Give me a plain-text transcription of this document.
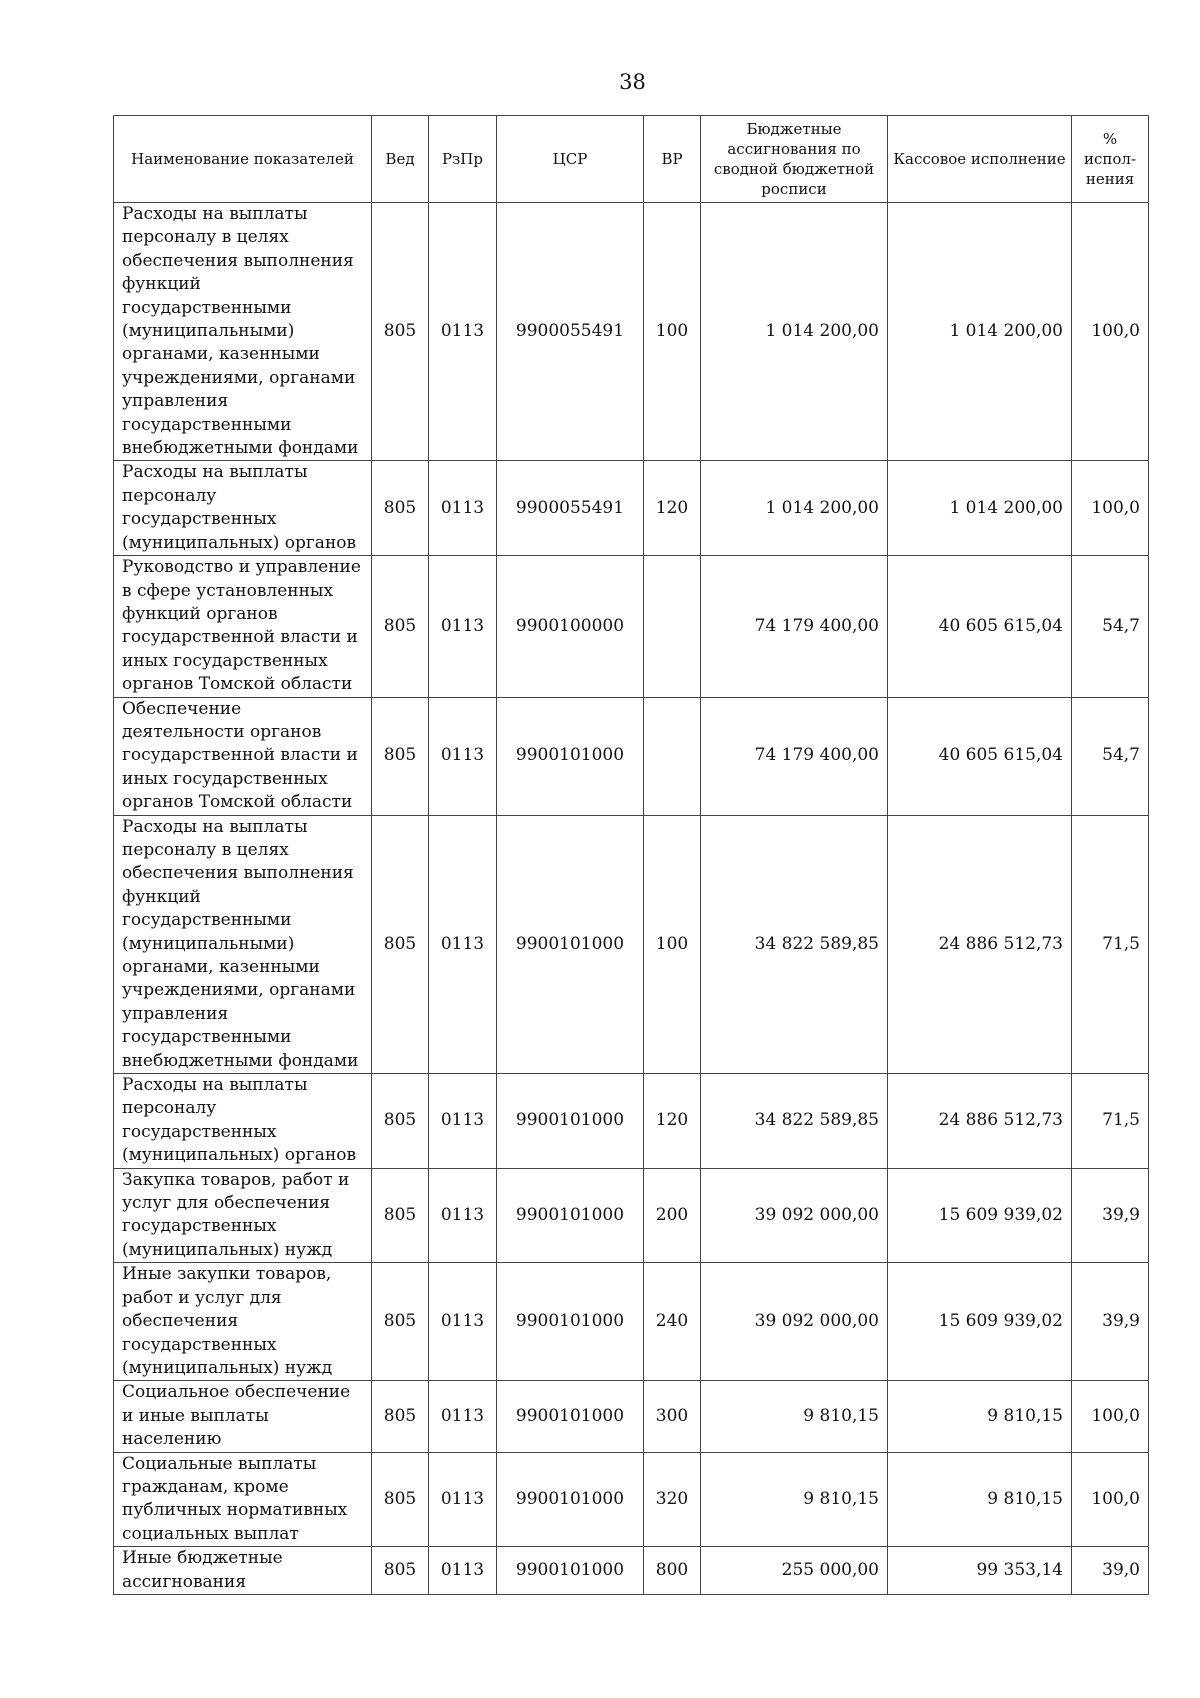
38
Наименование показателей	Вед	РзПр	ЦСР	ВР	Бюджетные ассигнования по сводной бюджетной росписи	Кассовое исполнение	% испол-нения
Расходы на выплаты персоналу в целях обеспечения выполнения функций государственными (муниципальными) органами, казенными учреждениями, органами управления государственными внебюджетными фондами	805	0113	9900055491	100	1 014 200,00	1 014 200,00	100,0
Расходы на выплаты персоналу государственных (муниципальных) органов	805	0113	9900055491	120	1 014 200,00	1 014 200,00	100,0
Руководство и управление в сфере установленных функций органов государственной власти и иных государственных органов Томской области	805	0113	9900100000		74 179 400,00	40 605 615,04	54,7
Обеспечение деятельности органов государственной власти и иных государственных органов Томской области	805	0113	9900101000		74 179 400,00	40 605 615,04	54,7
Расходы на выплаты персоналу в целях обеспечения выполнения функций государственными (муниципальными) органами, казенными учреждениями, органами управления государственными внебюджетными фондами	805	0113	9900101000	100	34 822 589,85	24 886 512,73	71,5
Расходы на выплаты персоналу государственных (муниципальных) органов	805	0113	9900101000	120	34 822 589,85	24 886 512,73	71,5
Закупка товаров, работ и услуг для обеспечения государственных (муниципальных) нужд	805	0113	9900101000	200	39 092 000,00	15 609 939,02	39,9
Иные закупки товаров, работ и услуг для обеспечения государственных (муниципальных) нужд	805	0113	9900101000	240	39 092 000,00	15 609 939,02	39,9
Социальное обеспечение и иные выплаты населению	805	0113	9900101000	300	9 810,15	9 810,15	100,0
Социальные выплаты гражданам, кроме публичных нормативных социальных выплат	805	0113	9900101000	320	9 810,15	9 810,15	100,0
Иные бюджетные ассигнования	805	0113	9900101000	800	255 000,00	99 353,14	39,0
